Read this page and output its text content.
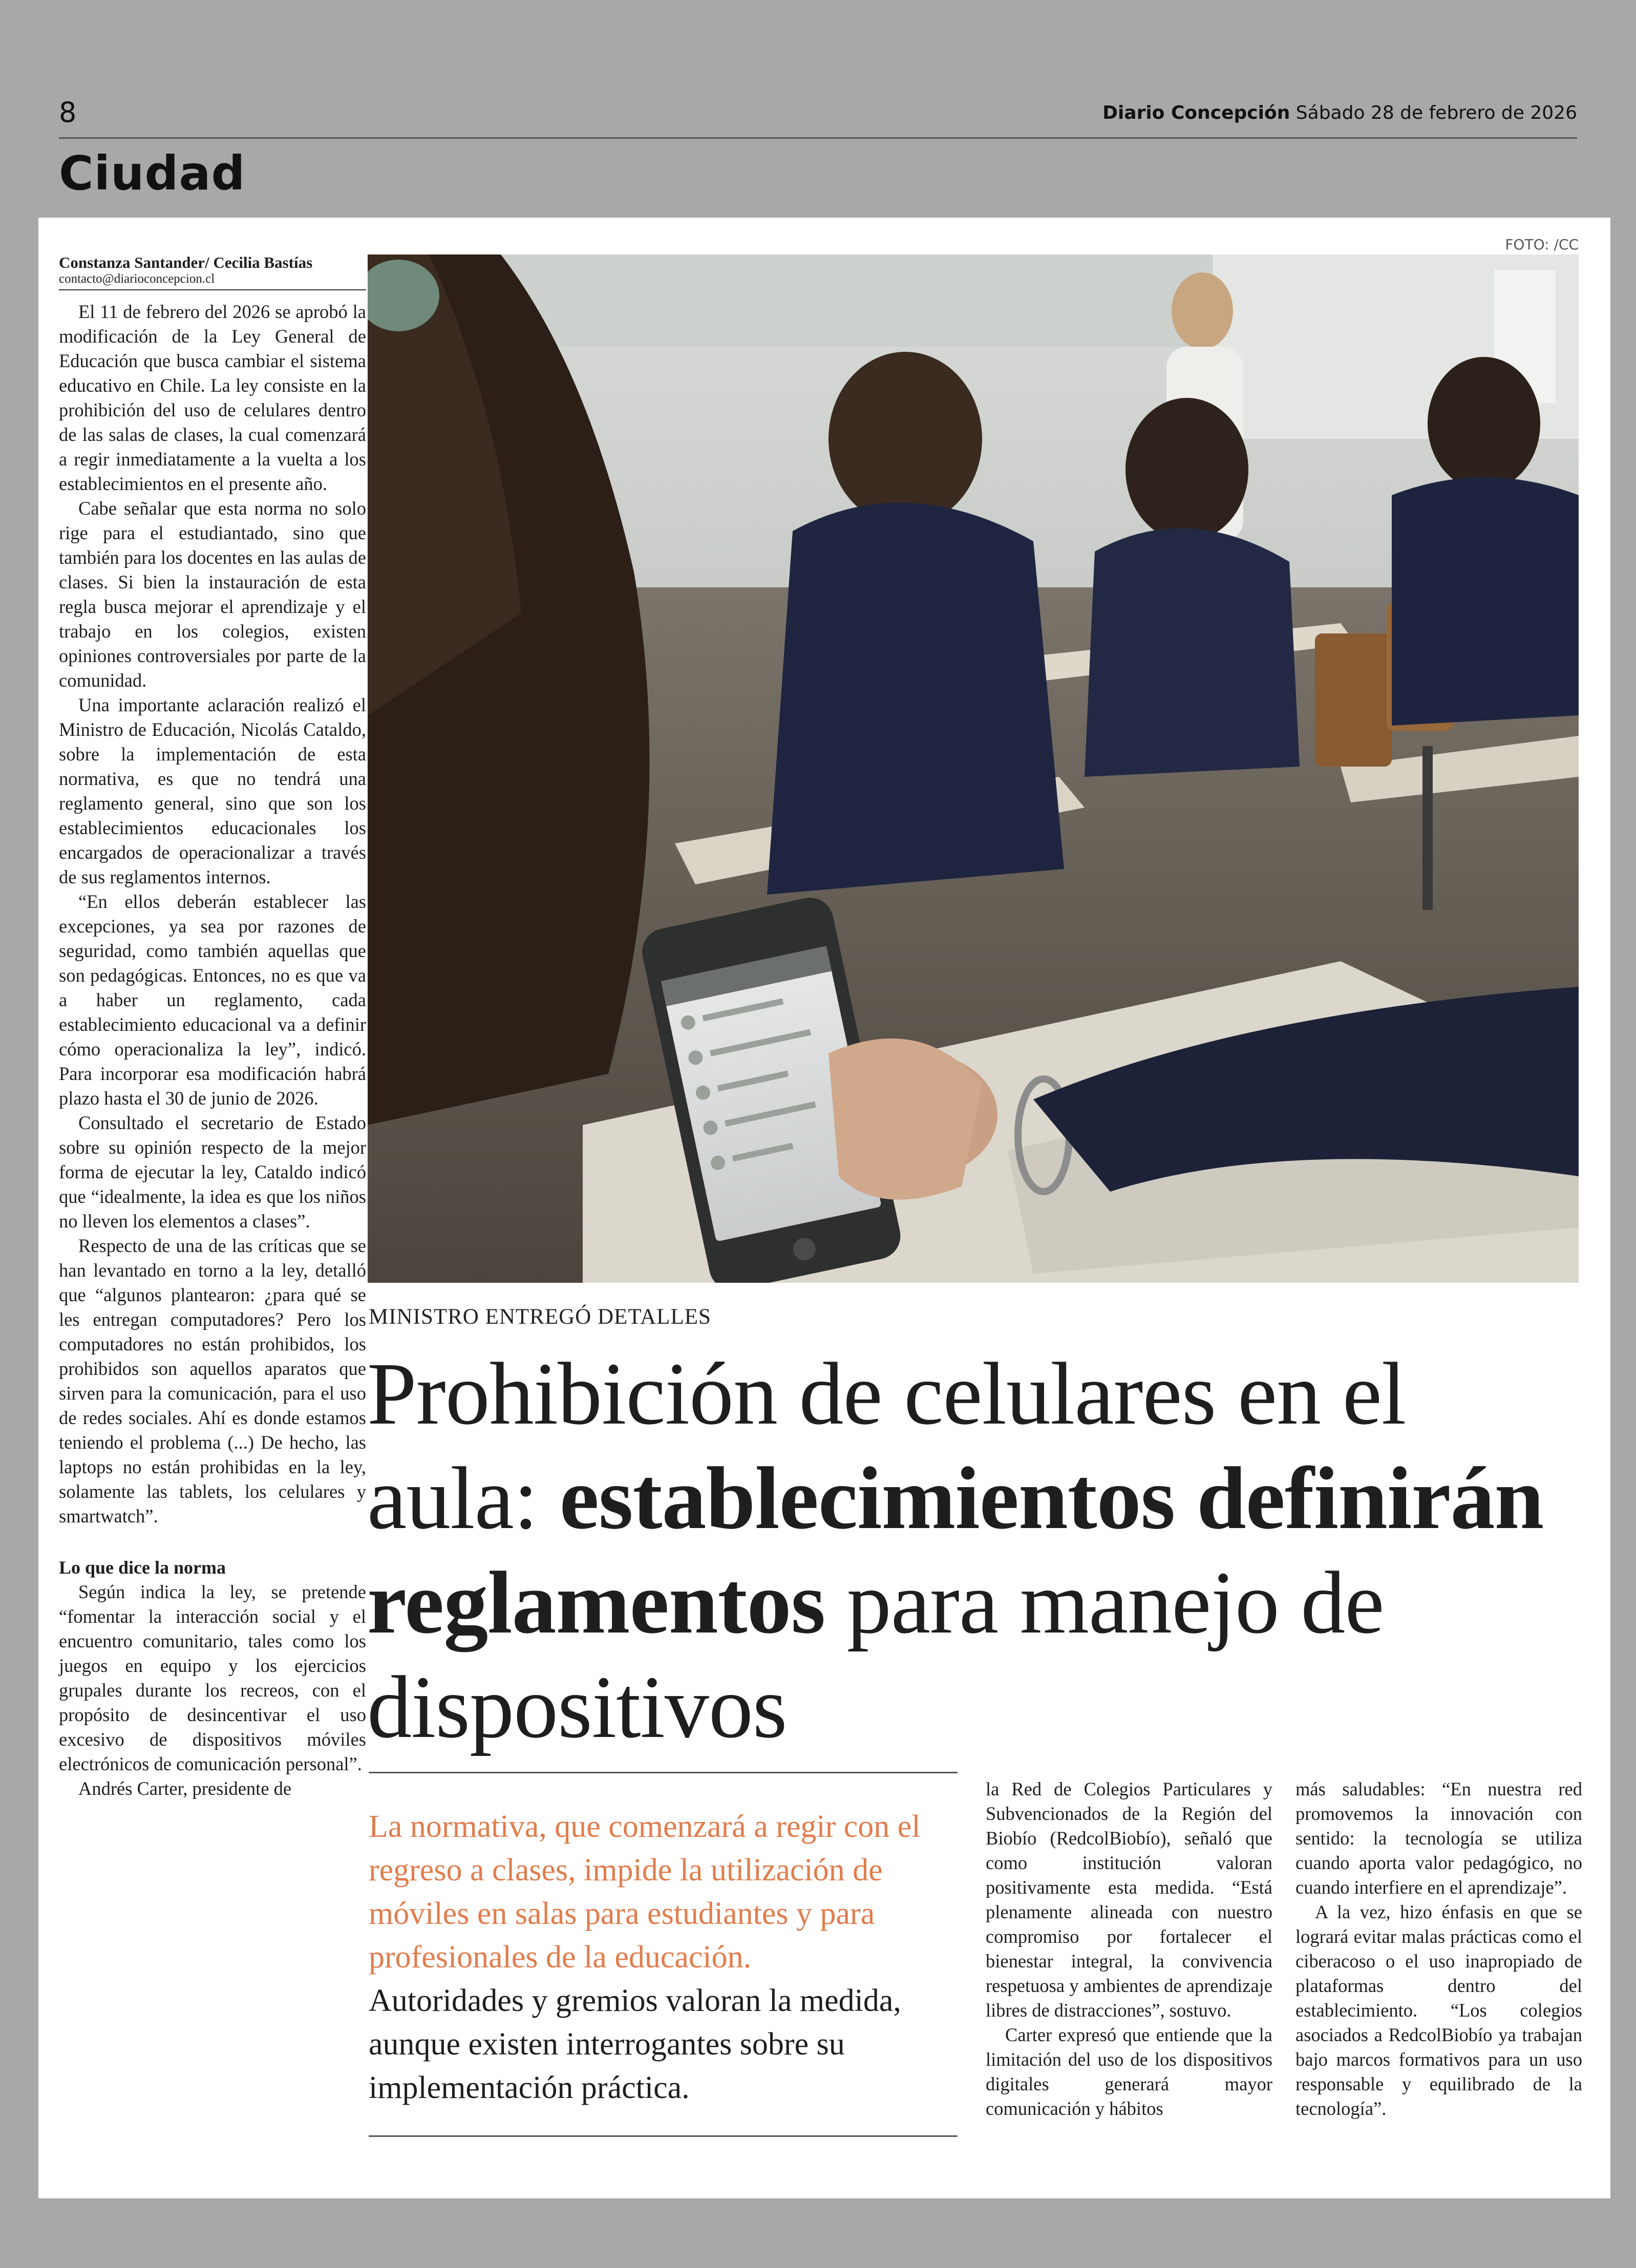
8	Diario Concepción Sábado 28 de febrero de 2026
Ciudad
Constanza Santander/ Cecilia Bastías
contacto@diarioconcepcion.cl

El 11 de febrero del 2026 se aprobó la modificación de la Ley General de Educación que busca cambiar el sistema educativo en Chile. La ley consiste en la prohibición del uso de celulares dentro de las salas de clases, la cual comenzará a regir inmediatamente a la vuelta a los establecimientos en el presente año.

Cabe señalar que esta norma no solo rige para el estudiantado, sino que también para los docentes en las aulas de clases. Si bien la instauración de esta regla busca mejorar el aprendizaje y el trabajo en los colegios, existen opiniones controversiales por parte de la comunidad.

Una importante aclaración realizó el Ministro de Educación, Nicolás Cataldo, sobre la implementación de esta normativa, es que no tendrá una reglamento general, sino que son los establecimientos educacionales los encargados de operacionalizar a través de sus reglamentos internos.

“En ellos deberán establecer las excepciones, ya sea por razones de seguridad, como también aquellas que son pedagógicas. Entonces, no es que va a haber un reglamento, cada establecimiento educacional va a definir cómo operacionaliza la ley”, indicó. Para incorporar esa modificación habrá plazo hasta el 30 de junio de 2026.

Consultado el secretario de Estado sobre su opinión respecto de la mejor forma de ejecutar la ley, Cataldo indicó que “idealmente, la idea es que los niños no lleven los elementos a clases”.

Respecto de una de las críticas que se han levantado en torno a la ley, detalló que “algunos plantearon: ¿para qué se les entregan computadores? Pero los computadores no están prohibidos, los prohibidos son aquellos aparatos que sirven para la comunicación, para el uso de redes sociales. Ahí es donde estamos teniendo el problema (...) De hecho, las laptops no están prohibidas en la ley, solamente las tablets, los celulares y smartwatch”.

Lo que dice la norma

Según indica la ley, se pretende “fomentar la interacción social y el encuentro comunitario, tales como los juegos en equipo y los ejercicios grupales durante los recreos, con el propósito de desincentivar el uso excesivo de dispositivos móviles electrónicos de comunicación personal”.

Andrés Carter, presidente de

FOTO: /CC
MINISTRO ENTREGÓ DETALLES
Prohibición de celulares en el aula: establecimientos definirán reglamentos para manejo de dispositivos
La normativa, que comenzará a regir con el regreso a clases, impide la utilización de móviles en salas para estudiantes y para profesionales de la educación.
Autoridades y gremios valoran la medida, aunque existen interrogantes sobre su implementación práctica.

la Red de Colegios Particulares y Subvencionados de la Región del Biobío (RedcolBiobío), señaló que como institución valoran positivamente esta medida. “Está plenamente alineada con nuestro compromiso por fortalecer el bienestar integral, la convivencia respetuosa y ambientes de aprendizaje libres de distracciones”, sostuvo.

Carter expresó que entiende que la limitación del uso de los dispositivos digitales generará mayor comunicación y hábitos

más saludables: “En nuestra red promovemos la innovación con sentido: la tecnología se utiliza cuando aporta valor pedagógico, no cuando interfiere en el aprendizaje”.

A la vez, hizo énfasis en que se logrará evitar malas prácticas como el ciberacoso o el uso inapropiado de plataformas dentro del establecimiento. “Los colegios asociados a RedcolBiobío ya trabajan bajo marcos formativos para un uso responsable y equilibrado de la tecnología”.
